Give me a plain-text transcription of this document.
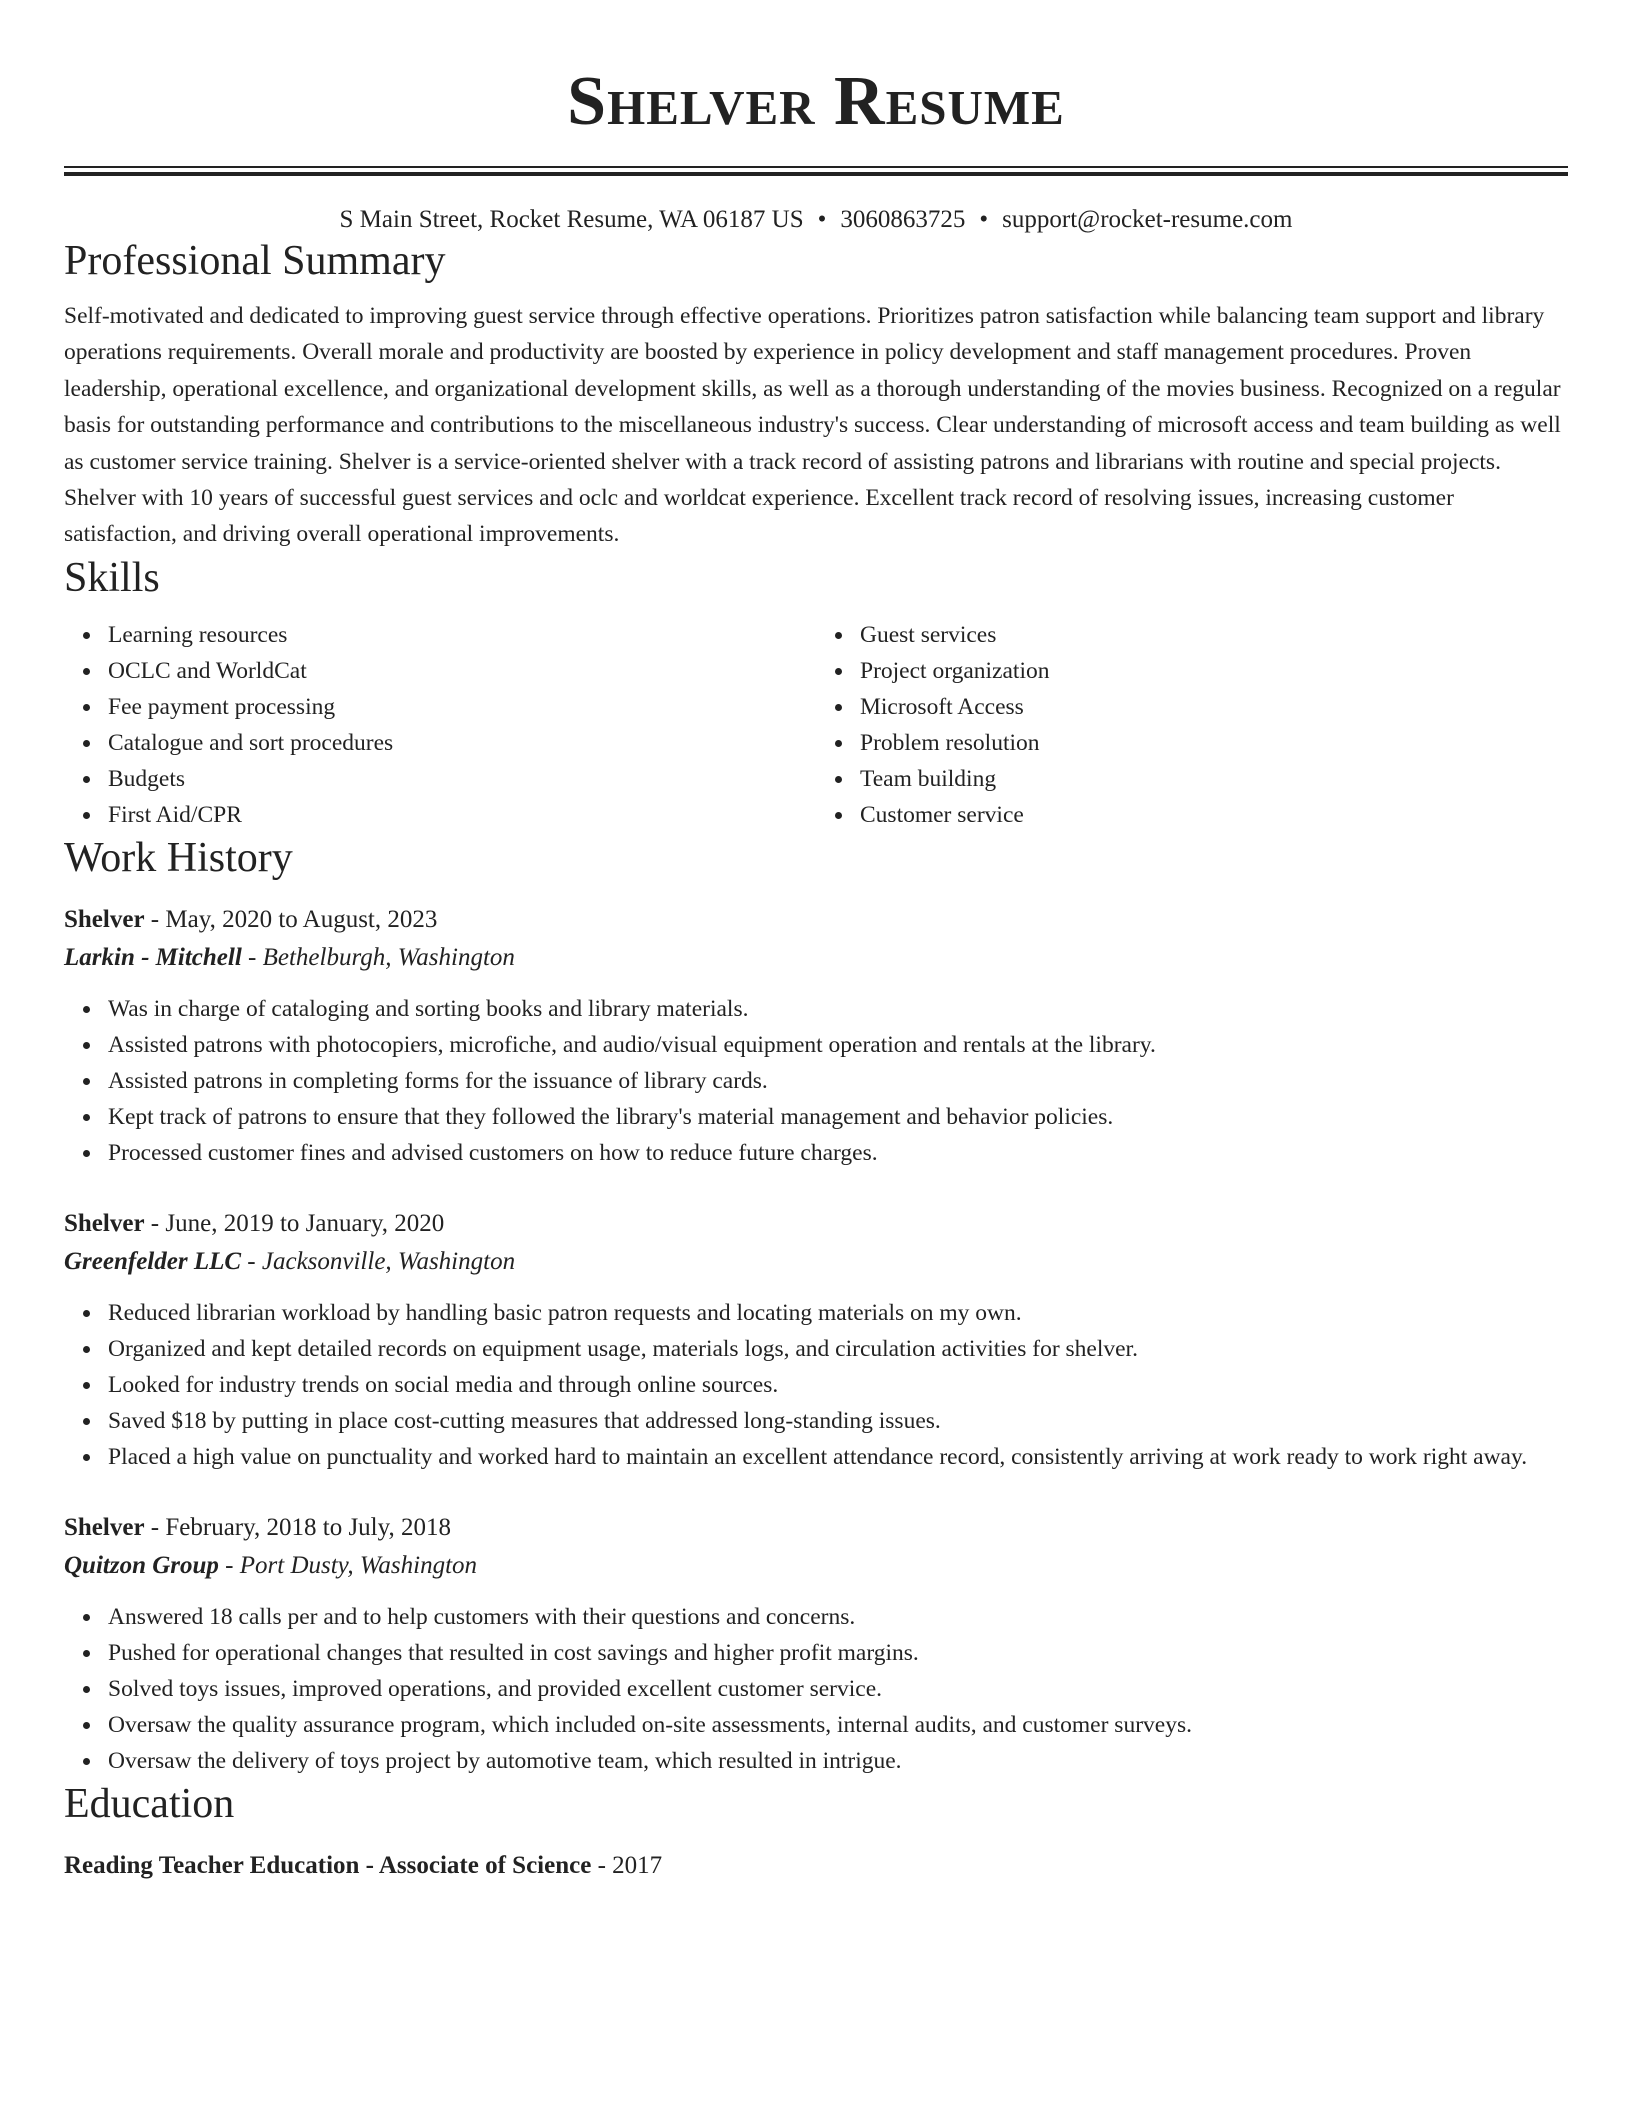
Shelver Resume
S Main Street, Rocket Resume, WA 06187 US • 3060863725 • support@rocket-resume.com
Professional Summary

Self-motivated and dedicated to improving guest service through effective operations. Prioritizes patron satisfaction while balancing team support and library operations requirements. Overall morale and productivity are boosted by experience in policy development and staff management procedures. Proven leadership, operational excellence, and organizational development skills, as well as a thorough understanding of the movies business. Recognized on a regular basis for outstanding performance and contributions to the miscellaneous industry's success. Clear understanding of microsoft access and team building as well as customer service training. Shelver is a service-oriented shelver with a track record of assisting patrons and librarians with routine and special projects. Shelver with 10 years of successful guest services and oclc and worldcat experience. Excellent track record of resolving issues, increasing customer satisfaction, and driving overall operational improvements.

Skills
Learning resources
OCLC and WorldCat
Fee payment processing
Catalogue and sort procedures
Budgets
First Aid/CPR
Guest services
Project organization
Microsoft Access
Problem resolution
Team building
Customer service
Work History
Shelver - May, 2020 to August, 2023
Larkin - Mitchell - Bethelburgh, Washington
Was in charge of cataloging and sorting books and library materials.
Assisted patrons with photocopiers, microfiche, and audio/visual equipment operation and rentals at the library.
Assisted patrons in completing forms for the issuance of library cards.
Kept track of patrons to ensure that they followed the library's material management and behavior policies.
Processed customer fines and advised customers on how to reduce future charges.
Shelver - June, 2019 to January, 2020
Greenfelder LLC - Jacksonville, Washington
Reduced librarian workload by handling basic patron requests and locating materials on my own.
Organized and kept detailed records on equipment usage, materials logs, and circulation activities for shelver.
Looked for industry trends on social media and through online sources.
Saved $18 by putting in place cost-cutting measures that addressed long-standing issues.
Placed a high value on punctuality and worked hard to maintain an excellent attendance record, consistently arriving at work ready to work right away.
Shelver - February, 2018 to July, 2018
Quitzon Group - Port Dusty, Washington
Answered 18 calls per and to help customers with their questions and concerns.
Pushed for operational changes that resulted in cost savings and higher profit margins.
Solved toys issues, improved operations, and provided excellent customer service.
Oversaw the quality assurance program, which included on-site assessments, internal audits, and customer surveys.
Oversaw the delivery of toys project by automotive team, which resulted in intrigue.
Education
Reading Teacher Education - Associate of Science - 2017
